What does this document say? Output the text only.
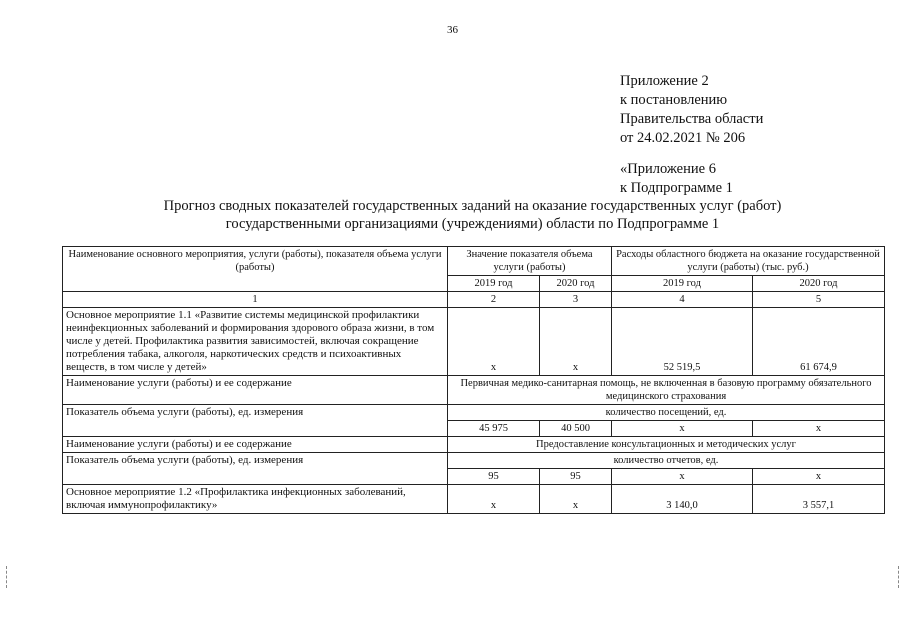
36
Приложение 2
к постановлению
Правительства области
от 24.02.2021 № 206
«Приложение 6
к Подпрограмме 1
Прогноз сводных показателей государственных заданий на оказание государственных услуг (работ)
государственными организациями (учреждениями) области по Подпрограмме 1
Наименование основного мероприятия, услуги (работы), показателя объема услуги (работы)	Значение показателя объема услуги (работы)		Расходы областного бюджета на оказание государственной услуги (работы) (тыс. руб.)	
	2019 год	2020 год	2019 год	2020 год
1	2	3	4	5
Основное мероприятие 1.1 «Развитие системы медицинской профилактики неинфекционных заболеваний и формирования здорового образа жизни, в том числе у детей. Профилактика развития зависимостей, включая сокращение потребления табака, алкоголя, наркотических средств и психоактивных веществ, в том числе у детей»	х	х	52 519,5	61 674,9
Наименование услуги (работы) и ее содержание	Первичная медико-санитарная помощь, не включенная в базовую программу обязательного медицинского страхования			
Показатель объема услуги (работы), ед. измерения	количество посещений, ед.			
	45 975	40 500	х	х
Наименование услуги (работы) и ее содержание	Предоставление консультационных и методических услуг			
Показатель объема услуги (работы), ед. измерения	количество отчетов, ед.			
	95	95	х	х
Основное мероприятие 1.2 «Профилактика инфекционных заболеваний, включая иммунопрофилактику»	х	х	3 140,0	3 557,1
